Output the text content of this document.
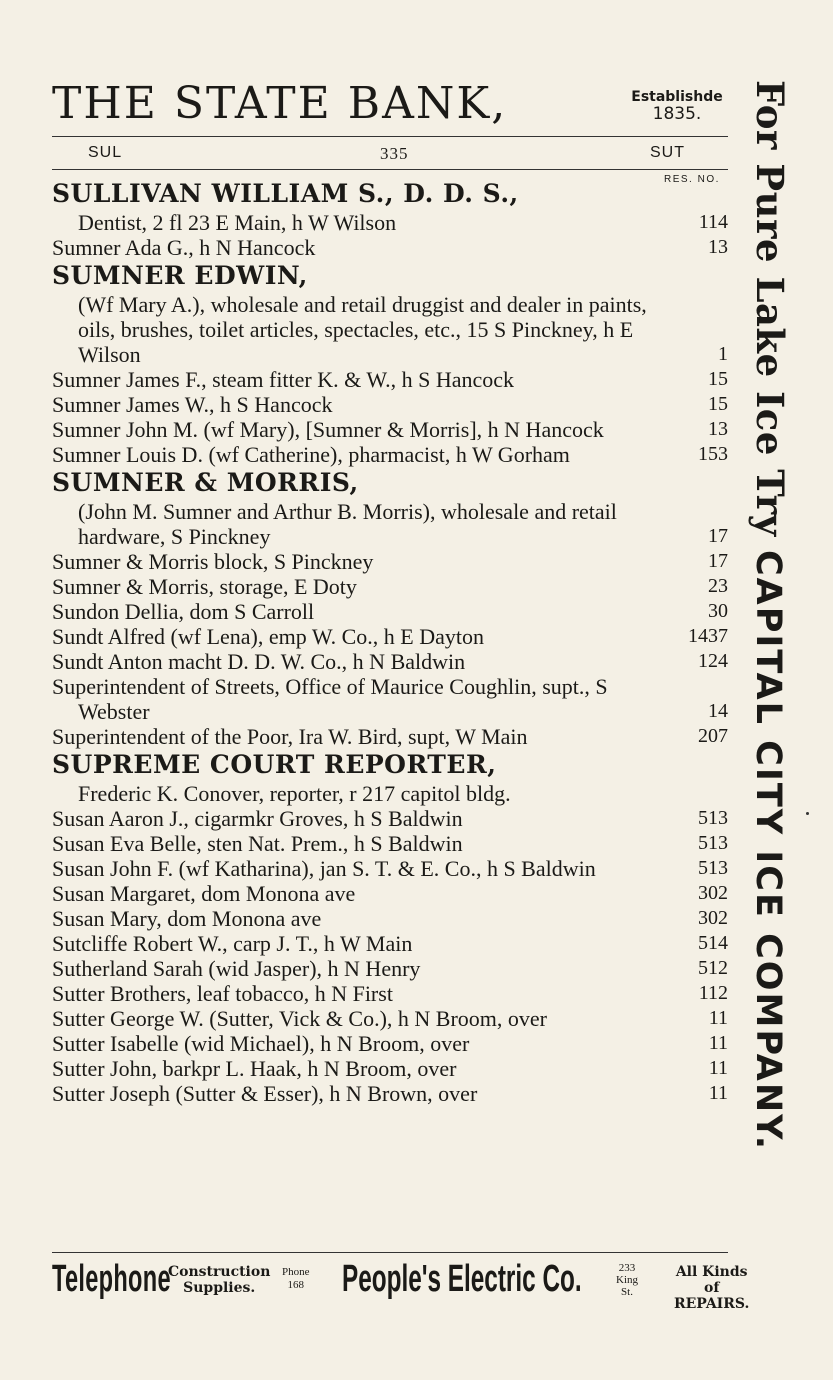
THE STATE BANK,	Establishde
1835.
SUL	335	SUT
RES. NO.
SULLIVAN WILLIAM S., D. D. S.,
Dentist, 2 fl 23 E Main, h W Wilson	114
Sumner Ada G., h N Hancock	13
SUMNER EDWIN,
(Wf Mary A.), wholesale and retail druggist and dealer in paints, oils, brushes, toilet articles, spectacles, etc., 15 S Pinckney, h E Wilson	1
Sumner James F., steam fitter K. & W., h S Hancock	15
Sumner James W., h S Hancock	15
Sumner John M. (wf Mary), [Sumner & Morris], h N Hancock	13
Sumner Louis D. (wf Catherine), pharmacist, h W Gorham	153
SUMNER & MORRIS,
(John M. Sumner and Arthur B. Morris), wholesale and retail hardware, S Pinckney	17
Sumner & Morris block, S Pinckney	17
Sumner & Morris, storage, E Doty	23
Sundon Dellia, dom S Carroll	30
Sundt Alfred (wf Lena), emp W. Co., h E Dayton	1437
Sundt Anton macht D. D. W. Co., h N Baldwin	124
Superintendent of Streets, Office of Maurice Coughlin, supt., S Webster	14
Superintendent of the Poor, Ira W. Bird, supt, W Main	207
SUPREME COURT REPORTER,
Frederic K. Conover, reporter, r 217 capitol bldg.
Susan Aaron J., cigarmkr Groves, h S Baldwin	513
Susan Eva Belle, sten Nat. Prem., h S Baldwin	513
Susan John F. (wf Katharina), jan S. T. & E. Co., h S Baldwin	513
Susan Margaret, dom Monona ave	302
Susan Mary, dom Monona ave	302
Sutcliffe Robert W., carp J. T., h W Main	514
Sutherland Sarah (wid Jasper), h N Henry	512
Sutter Brothers, leaf tobacco, h N First	112
Sutter George W. (Sutter, Vick & Co.), h N Broom, over	11
Sutter Isabelle (wid Michael), h N Broom, over	11
Sutter John, barkpr L. Haak, h N Broom, over	11
Sutter Joseph (Sutter & Esser), h N Brown, over	11
For Pure Lake Ice Try CAPITAL CITY ICE COMPANY.
Telephone
Construction
Supplies.
Phone
168 People's Electric Co.	233
King
St.
All Kinds of
REPAIRS.
